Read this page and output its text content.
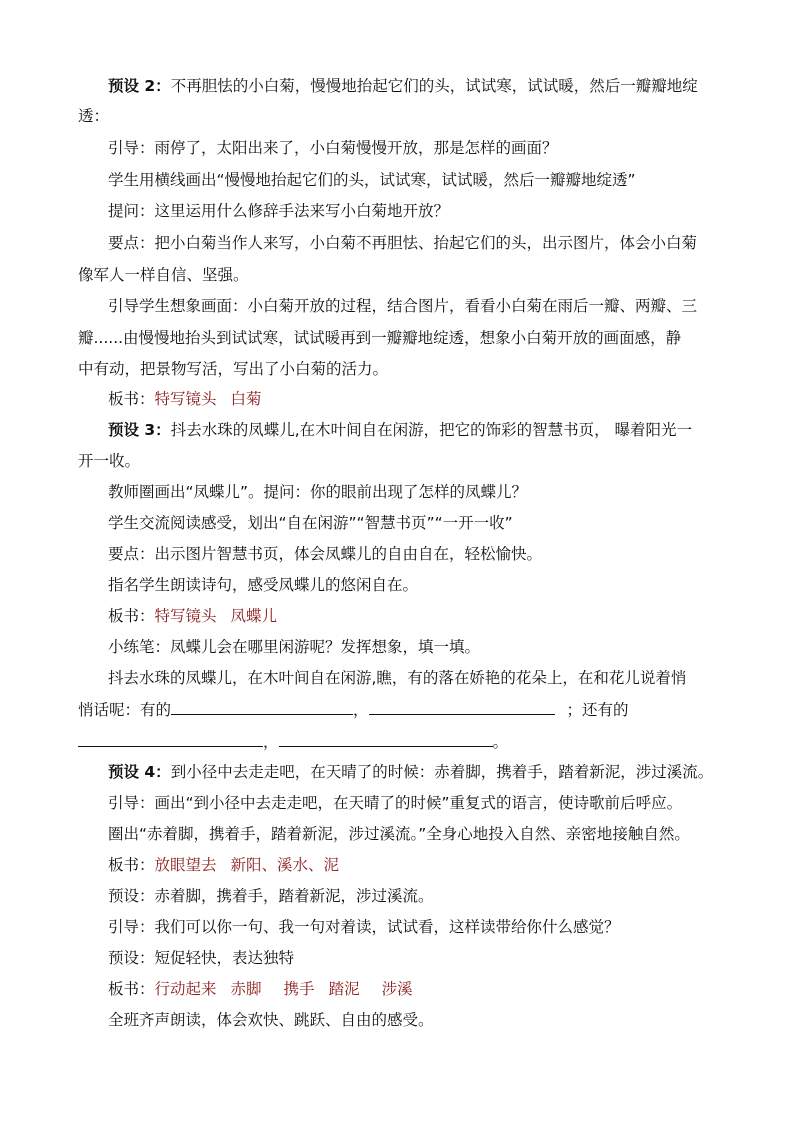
预设 2：不再胆怯的小白菊，慢慢地抬起它们的头，试试寒，试试暖，然后一瓣瓣地绽
透：
引导：雨停了，太阳出来了，小白菊慢慢开放，那是怎样的画面？
学生用横线画出“慢慢地抬起它们的头，试试寒，试试暖，然后一瓣瓣地绽透”
提问：这里运用什么修辞手法来写小白菊地开放？
要点：把小白菊当作人来写，小白菊不再胆怯、抬起它们的头，出示图片，体会小白菊
像军人一样自信、坚强。
引导学生想象画面：小白菊开放的过程，结合图片，看看小白菊在雨后一瓣、两瓣、三
瓣......由慢慢地抬头到试试寒，试试暖再到一瓣瓣地绽透，想象小白菊开放的画面感，静
中有动，把景物写活，写出了小白菊的活力。
板书：特写镜头 白菊
预设 3：抖去水珠的凤蝶儿,在木叶间自在闲游，把它的饰彩的智慧书页， 曝着阳光一
开一收。
教师圈画出“凤蝶儿”。提问：你的眼前出现了怎样的凤蝶儿？
学生交流阅读感受，划出“自在闲游”“智慧书页”“一开一收”
要点：出示图片智慧书页，体会凤蝶儿的自由自在，轻松愉快。
指名学生朗读诗句，感受凤蝶儿的悠闲自在。
板书：特写镜头 凤蝶儿
小练笔：凤蝶儿会在哪里闲游呢？发挥想象，填一填。
抖去水珠的凤蝶儿，在木叶间自在闲游,瞧，有的落在娇艳的花朵上，在和花儿说着悄
悄话呢：有的	，	；还有的
，	。
预设 4：到小径中去走走吧，在天晴了的时候：赤着脚，携着手，踏着新泥，涉过溪流。
引导：画出“到小径中去走走吧，在天晴了的时候”重复式的语言，使诗歌前后呼应。
圈出“赤着脚，携着手，踏着新泥，涉过溪流。”全身心地投入自然、亲密地接触自然。
板书：放眼望去 新阳、溪水、泥
预设：赤着脚，携着手，踏着新泥，涉过溪流。
引导：我们可以你一句、我一句对着读，试试看，这样读带给你什么感觉？
预设：短促轻快，表达独特
板书：行动起来 赤脚 携手 踏泥 涉溪
全班齐声朗读，体会欢快、跳跃、自由的感受。
